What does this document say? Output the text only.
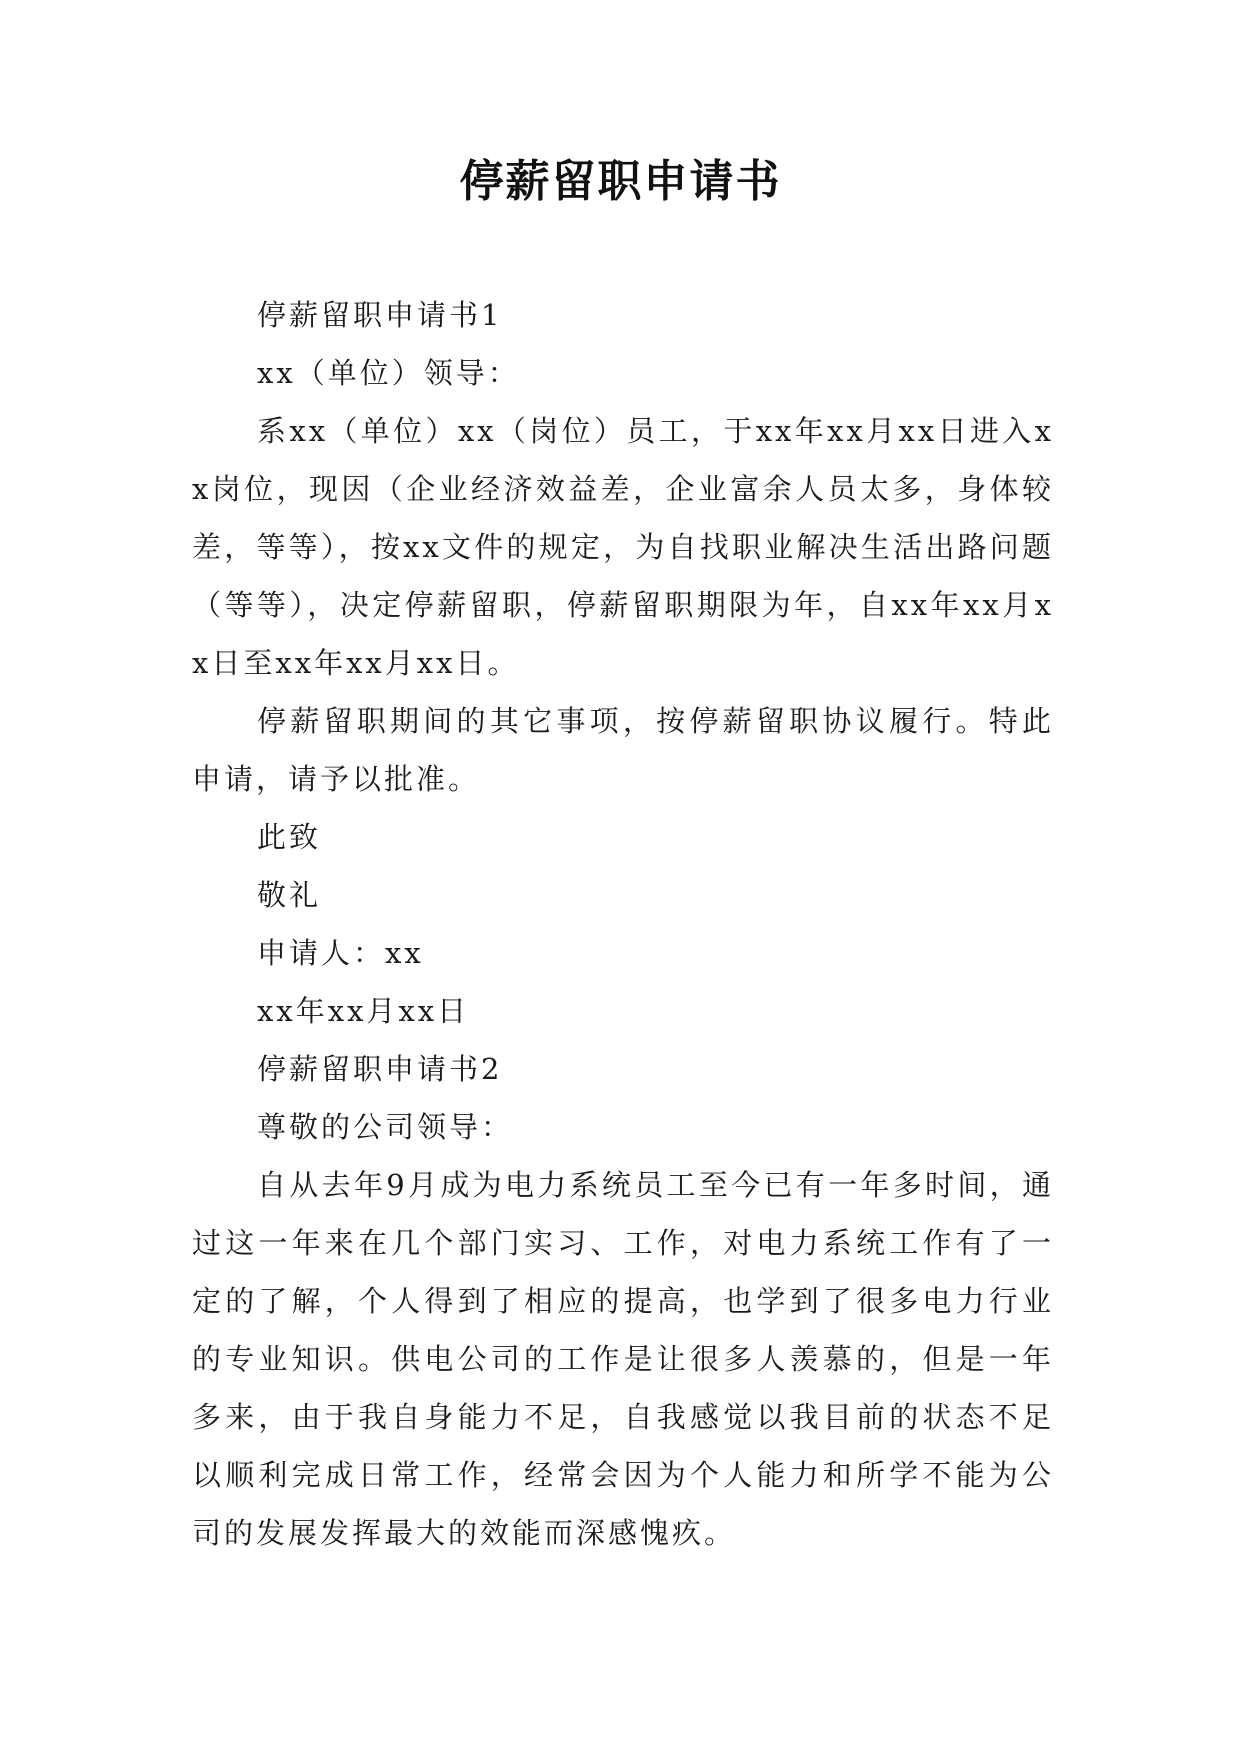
停薪留职申请书

停薪留职申请书1

xx（单位）领导：

系xx（单位）xx（岗位）员工，于xx年xx月xx日进入xx岗位，现因（企业经济效益差，企业富余人员太多，身体较差，等等），按xx文件的规定，为自找职业解决生活出路问题（等等），决定停薪留职，停薪留职期限为年，自xx年xx月xx日至xx年xx月xx日。

停薪留职期间的其它事项，按停薪留职协议履行。特此申请，请予以批准。

此致

敬礼

申请人：xx

xx年xx月xx日

停薪留职申请书2

尊敬的公司领导：

自从去年9月成为电力系统员工至今已有一年多时间，通过这一年来在几个部门实习、工作，对电力系统工作有了一定的了解，个人得到了相应的提高，也学到了很多电力行业的专业知识。供电公司的工作是让很多人羡慕的，但是一年多来，由于我自身能力不足，自我感觉以我目前的状态不足以顺利完成日常工作，经常会因为个人能力和所学不能为公司的发展发挥最大的效能而深感愧疚。
